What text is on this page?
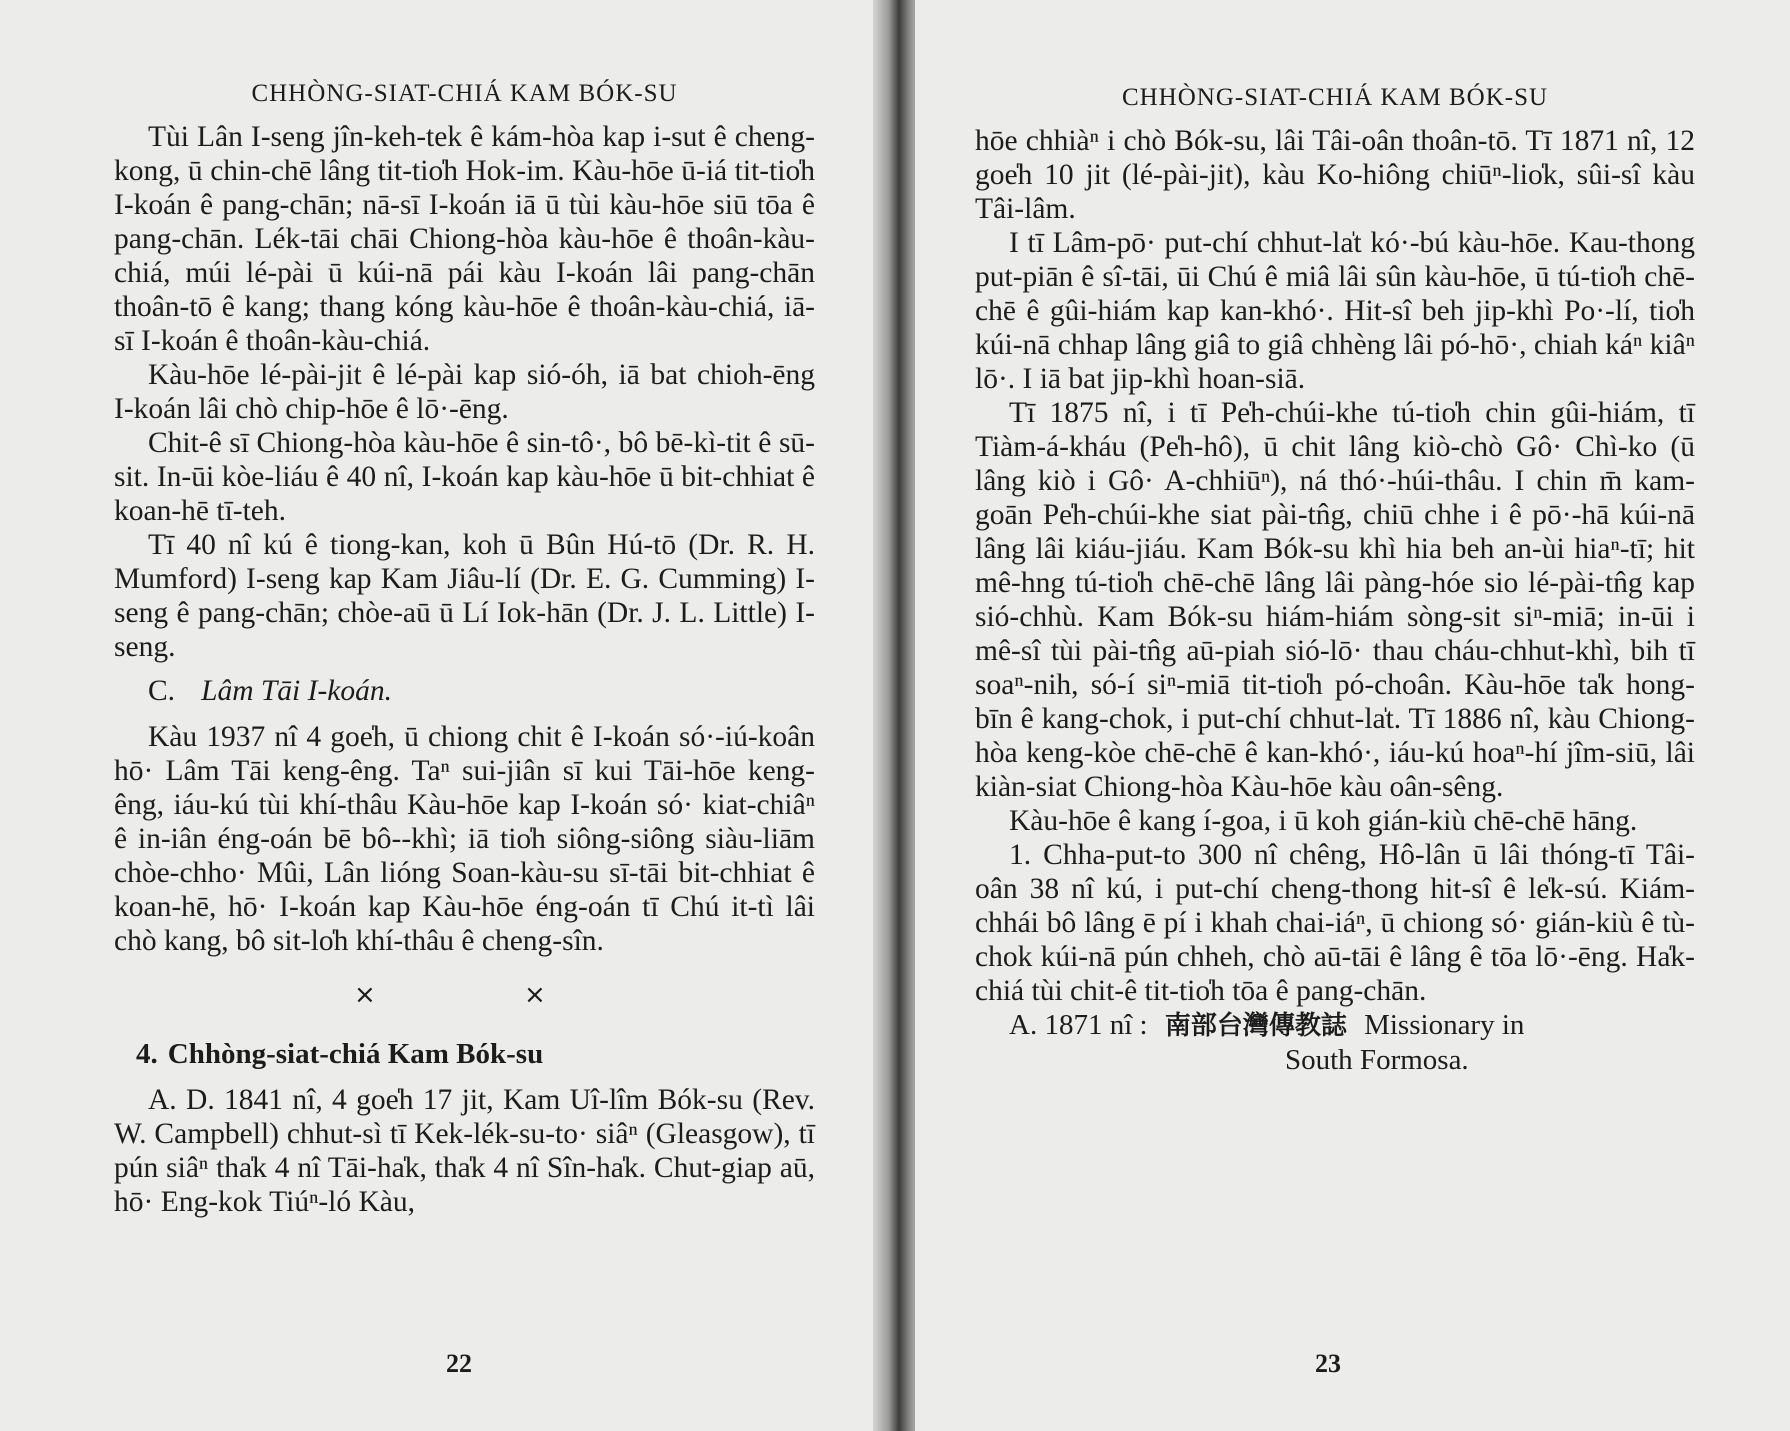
CHHÒNG-SIAT-CHIÁ KAM BÓK-SU

Tùi Lân I-seng jîn-keh-tek ê kám-hòa kap i-sut ê cheng-kong, ū chin-chē lâng tit-tio̍h Hok-im. Kàu-hōe ū-iá tit-tio̍h I-koán ê pang-chān; nā-sī I-koán iā ū tùi kàu-hōe siū tōa ê pang-chān. Lék-tāi chāi Chiong-hòa kàu-hōe ê thoân-kàu-chiá, múi lé-pài ū kúi-nā pái kàu I-koán lâi pang-chān thoân-tō ê kang; thang kóng kàu-hōe ê thoân-kàu-chiá, iā-sī I-koán ê thoân-kàu-chiá.

Kàu-hōe lé-pài-jit ê lé-pài kap sió-óh, iā bat chioh-ēng I-koán lâi chò chip-hōe ê lō·-ēng.

Chit-ê sī Chiong-hòa kàu-hōe ê sin-tô·, bô bē-kì-tit ê sū-sit. In-ūi kòe-liáu ê 40 nî, I-koán kap kàu-hōe ū bit-chhiat ê koan-hē tī-teh.

Tī 40 nî kú ê tiong-kan, koh ū Bûn Hú-tō (Dr. R. H. Mumford) I-seng kap Kam Jiâu-lí (Dr. E. G. Cumming) I-seng ê pang-chān; chòe-aū ū Lí Iok-hān (Dr. J. L. Little) I-seng.

C. Lâm Tāi I-koán.

Kàu 1937 nî 4 goe̍h, ū chiong chit ê I-koán só·-iú-koân hō· Lâm Tāi keng-êng. Taⁿ sui-jiân sī kui Tāi-hōe keng-êng, iáu-kú tùi khí-thâu Kàu-hōe kap I-koán só· kiat-chiâⁿ ê in-iân éng-oán bē bô--khì; iā tio̍h siông-siông siàu-liām chòe-chho· Mûi, Lân lióng Soan-kàu-su sī-tāi bit-chhiat ê koan-hē, hō· I-koán kap Kàu-hōe éng-oán tī Chú it-tì lâi chò kang, bô sit-lo̍h khí-thâu ê cheng-sîn.

× ×
4. Chhòng-siat-chiá Kam Bók-su

A. D. 1841 nî, 4 goe̍h 17 jit, Kam Uî-lîm Bók-su (Rev. W. Campbell) chhut-sì tī Kek-lék-su-to· siâⁿ (Gleasgow), tī pún siâⁿ tha̍k 4 nî Tāi-ha̍k, tha̍k 4 nî Sîn-ha̍k. Chut-giap aū, hō· Eng-kok Tiúⁿ-ló Kàu,

22
CHHÒNG-SIAT-CHIÁ KAM BÓK-SU

hōe chhiàⁿ i chò Bók-su, lâi Tâi-oân thoân-tō. Tī 1871 nî, 12 goe̍h 10 jit (lé-pài-jit), kàu Ko-hiông chiūⁿ-lio̍k, sûi-sî kàu Tâi-lâm.

I tī Lâm-pō· put-chí chhut-la̍t kó·-bú kàu-hōe. Kau-thong put-piān ê sî-tāi, ūi Chú ê miâ lâi sûn kàu-hōe, ū tú-tio̍h chē-chē ê gûi-hiám kap kan-khó·. Hit-sî beh jip-khì Po·-lí, tio̍h kúi-nā chhap lâng giâ to giâ chhèng lâi pó-hō·, chiah káⁿ kiâⁿ lō·. I iā bat jip-khì hoan-siā.

Tī 1875 nî, i tī Pe̍h-chúi-khe tú-tio̍h chin gûi-hiám, tī Tiàm-á-kháu (Pe̍h-hô), ū chit lâng kiò-chò Gô· Chì-ko (ū lâng kiò i Gô· A-chhiūⁿ), ná thó·-húi-thâu. I chin m̄ kam-goān Pe̍h-chúi-khe siat pài-tn̂g, chiū chhe i ê pō·-hā kúi-nā lâng lâi kiáu-jiáu. Kam Bók-su khì hia beh an-ùi hiaⁿ-tī; hit mê-hng tú-tio̍h chē-chē lâng lâi pàng-hóe sio lé-pài-tn̂g kap sió-chhù. Kam Bók-su hiám-hiám sòng-sit siⁿ-miā; in-ūi i mê-sî tùi pài-tn̂g aū-piah sió-lō· thau cháu-chhut-khì, bih tī soaⁿ-nih, só-í siⁿ-miā tit-tio̍h pó-choân. Kàu-hōe ta̍k hong-bīn ê kang-chok, i put-chí chhut-la̍t. Tī 1886 nî, kàu Chiong-hòa keng-kòe chē-chē ê kan-khó·, iáu-kú hoaⁿ-hí jîm-siū, lâi kiàn-siat Chiong-hòa Kàu-hōe kàu oân-sêng.

Kàu-hōe ê kang í-goa, i ū koh gián-kiù chē-chē hāng.

1. Chha-put-to 300 nî chêng, Hô-lân ū lâi thóng-tī Tâi-oân 38 nî kú, i put-chí cheng-thong hit-sî ê le̍k-sú. Kiám-chhái bô lâng ē pí i khah chai-iáⁿ, ū chiong só· gián-kiù ê tù-chok kúi-nā pún chheh, chò aū-tāi ê lâng ê tōa lō·-ēng. Ha̍k-chiá tùi chit-ê tit-tio̍h tōa ê pang-chān.

A. 1871 nî : 南部台灣傳教誌 Missionary in
South Formosa.
23
